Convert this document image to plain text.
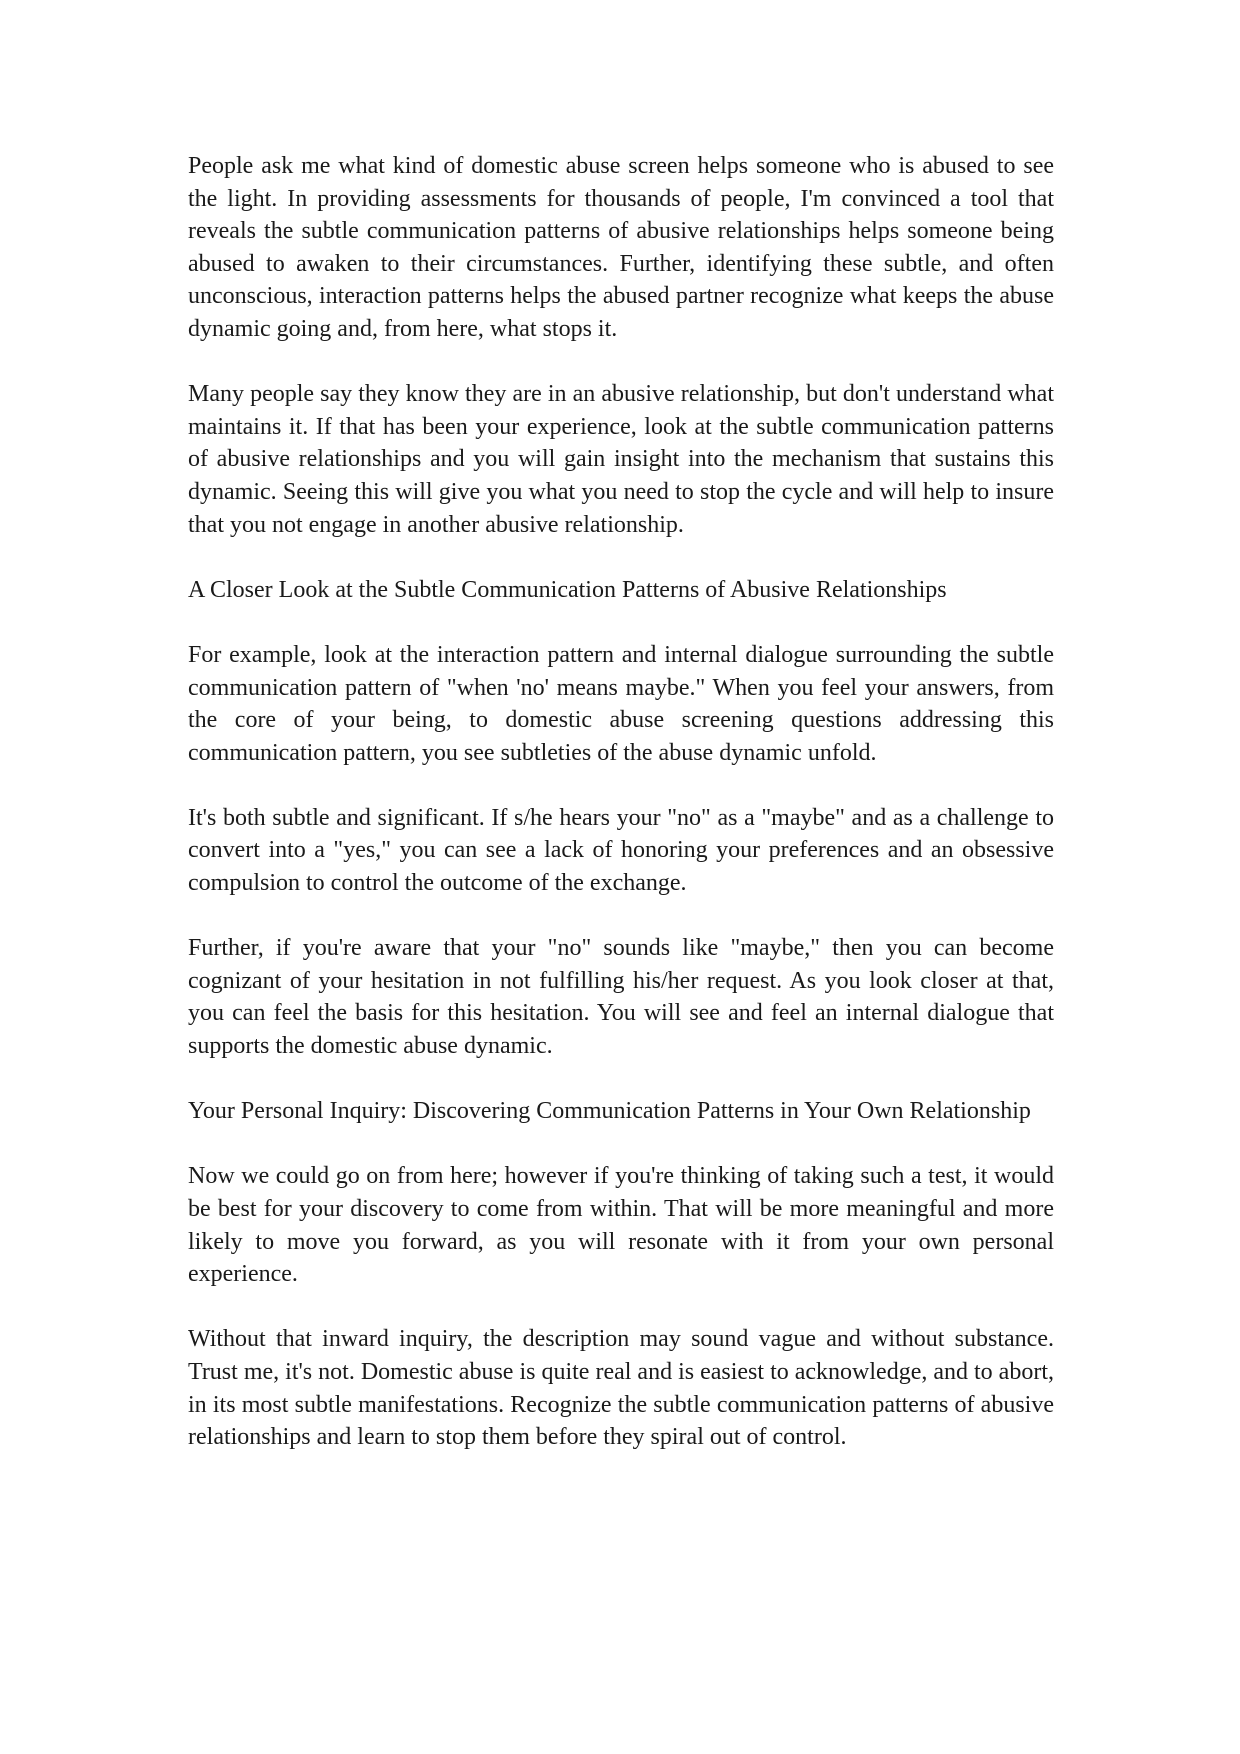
People ask me what kind of domestic abuse screen helps someone who is abused to see the light. In providing assessments for thousands of people, I'm convinced a tool that reveals the subtle communication patterns of abusive relationships helps someone being abused to awaken to their circumstances. Further, identifying these subtle, and often unconscious, interaction patterns helps the abused partner recognize what keeps the abuse dynamic going and, from here, what stops it.

Many people say they know they are in an abusive relationship, but don't understand what maintains it. If that has been your experience, look at the subtle communication patterns of abusive relationships and you will gain insight into the mechanism that sustains this dynamic. Seeing this will give you what you need to stop the cycle and will help to insure that you not engage in another abusive relationship.

A Closer Look at the Subtle Communication Patterns of Abusive Relationships

For example, look at the interaction pattern and internal dialogue surrounding the subtle communication pattern of "when 'no' means maybe." When you feel your answers, from the core of your being, to domestic abuse screening questions addressing this communication pattern, you see subtleties of the abuse dynamic unfold.

It's both subtle and significant. If s/he hears your "no" as a "maybe" and as a challenge to convert into a "yes," you can see a lack of honoring your preferences and an obsessive compulsion to control the outcome of the exchange.

Further, if you're aware that your "no" sounds like "maybe," then you can become cognizant of your hesitation in not fulfilling his/her request. As you look closer at that, you can feel the basis for this hesitation. You will see and feel an internal dialogue that supports the domestic abuse dynamic.

Your Personal Inquiry: Discovering Communication Patterns in Your Own Relationship

Now we could go on from here; however if you're thinking of taking such a test, it would be best for your discovery to come from within. That will be more meaningful and more likely to move you forward, as you will resonate with it from your own personal experience.

Without that inward inquiry, the description may sound vague and without substance. Trust me, it's not. Domestic abuse is quite real and is easiest to acknowledge, and to abort, in its most subtle manifestations. Recognize the subtle communication patterns of abusive relationships and learn to stop them before they spiral out of control.
